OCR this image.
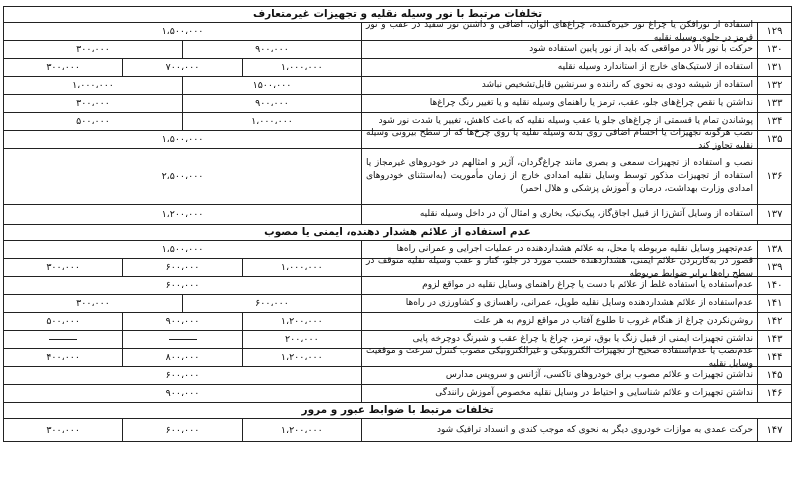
تخلفات مرتبط با نور وسیله نقلیه و تجهیزات غیرمتعارف
۱۲۹
استفاده از نورافکن یا چراغ نور خیره‌کننده، چراغ‌های الوان، اضافی و داشتن نور سفید در عقب و نور قرمز در جلوی وسیله نقلیه
۱،۵۰۰،۰۰۰
۱۳۰
حرکت با نور بالا در مواقعی که باید از نور پایین استفاده شود
۹۰۰،۰۰۰
۳۰۰،۰۰۰
۱۳۱
استفاده از لاستیک‌های خارج از استاندارد وسیله نقلیه
۱،۰۰۰،۰۰۰
۷۰۰،۰۰۰
۳۰۰،۰۰۰
۱۳۲
استفاده از شیشه دودی به نحوی که راننده و سرنشین قابل‌تشخیص نباشد
۱۵۰۰،۰۰۰
۱،۰۰۰،۰۰۰
۱۳۳
نداشتن یا نقص چراغ‌های جلو، عقب، ترمز یا راهنمای وسیله نقلیه و یا تغییر رنگ چراغ‌ها
۹۰۰،۰۰۰
۳۰۰،۰۰۰
۱۳۴
پوشاندن تمام یا قسمتی از چراغ‌های جلو یا عقب وسیله نقلیه که باعث کاهش، تغییر یا شدت نور شود
۱،۰۰۰،۰۰۰
۵۰۰،۰۰۰
۱۳۵
نصب هرگونه تجهیزات یا احسام اضافی روی بدنه وسیله نقلیه یا روی چرخ‌ها که از سطح بیرونی وسیله نقلیه تجاوز کند
۱،۵۰۰،۰۰۰
۱۳۶
نصب و استفاده از تجهیزات سمعی و بصری مانند چراغ‌گردان، آژیر و امثالهم در خودروهای غیرمجاز یا استفاده از تجهیزات مذکور توسط وسایل نقلیه امدادی خارج از زمان مأموریت (به‌استثنای خودروهای امدادی وزارت بهداشت، درمان و آموزش پزشکی و هلال احمر)
۲،۵۰۰،۰۰۰
۱۳۷
استفاده از وسایل آتش‌زا از قبیل اجاق‌گاز، پیک‌نیک، بخاری و امثال آن در داخل وسیله نقلیه
۱،۲۰۰،۰۰۰
عدم استفاده از علائم هشدار دهنده، ایمنی یا مصوب
۱۳۸
عدم‌تجهیز وسایل نقلیه مربوطه یا محل، به علائم هشداردهنده در عملیات اجرایی و عمرانی راه‌ها
۱،۵۰۰،۰۰۰
۱۳۹
قصور در به‌کاربردن علائم ایمنی، هشداردهنده حسب مورد در جلو، کنار و عقب وسیله نقلیه متوقف در سطح راه‌ها برابر ضوابط مربوطه
۱،۰۰۰،۰۰۰
۶۰۰،۰۰۰
۳۰۰،۰۰۰
۱۴۰
عدم‌استفاده یا استفاده غلط از علائم با دست یا چراغ راهنمای وسایل نقلیه در مواقع لزوم
۶۰۰،۰۰۰
۱۴۱
عدم‌استفاده از علائم هشداردهنده وسایل نقلیه طویل، عمرانی، راهسازی و کشاورزی در راه‌ها
۶۰۰،۰۰۰
۳۰۰،۰۰۰
۱۴۲
روشن‌نکردن چراغ از هنگام غروب تا طلوع آفتاب در مواقع لزوم به هر علت
۱،۲۰۰،۰۰۰
۹۰۰،۰۰۰
۵۰۰،۰۰۰
۱۴۳
نداشتن تجهیزات ایمنی از قبیل زنگ یا بوق، ترمز، چراغ یا چراغ عقب و شبرنگ دوچرخه پایی
۲۰۰،۰۰۰
۱۴۴
عدم‌نصب یا عدم‌استفاده صحیح از تجهیزات الکترونیکی و غیرالکترونیکی مصوب کنترل سرعت و موقعیت وسایل نقلیه
۱،۲۰۰،۰۰۰
۸۰۰،۰۰۰
۴۰۰،۰۰۰
۱۴۵
نداشتن تجهیزات و علائم مصوب برای خودروهای تاکسی، آژانس و سرویس مدارس
۶۰۰،۰۰۰
۱۴۶
نداشتن تجهیزات و علائم شناسایی و احتیاط در وسایل نقلیه مخصوص آموزش رانندگی
۹۰۰،۰۰۰
تخلفات مرتبط با ضوابط عبور و مرور
۱۴۷
حرکت عمدی به موازات خودروی دیگر به نحوی که موجب کندی و انسداد ترافیک شود
۱،۲۰۰،۰۰۰
۶۰۰،۰۰۰
۳۰۰،۰۰۰
